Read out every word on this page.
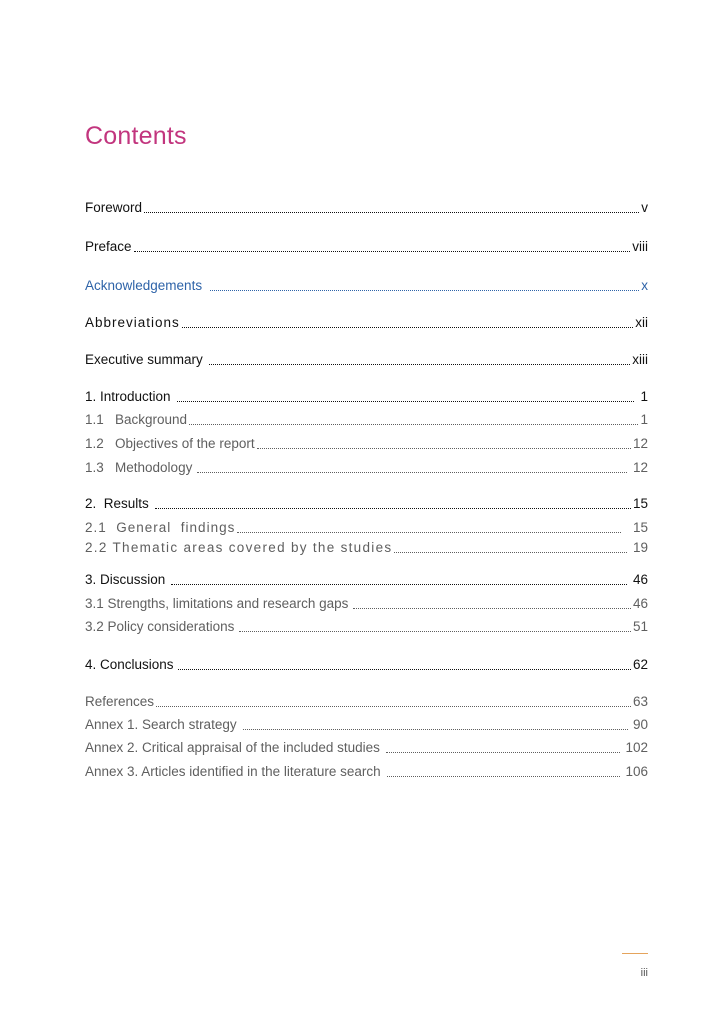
Contents
Foreword	v
Preface	viii
Acknowledgements	x
Abbreviations	xii
Executive summary	xiii
1. Introduction	1
1.1   Background	1
1.2   Objectives of the report	12
1.3   Methodology	12
2.  Results	15
2.1  General  findings	15
2.2 Thematic areas covered by the studies	19
3. Discussion	46
3.1 Strengths, limitations and research gaps	46
3.2 Policy considerations	51
4. Conclusions	62
References	63
Annex 1. Search strategy	90
Annex 2. Critical appraisal of the included studies	102
Annex 3. Articles identified in the literature search	106
iii
